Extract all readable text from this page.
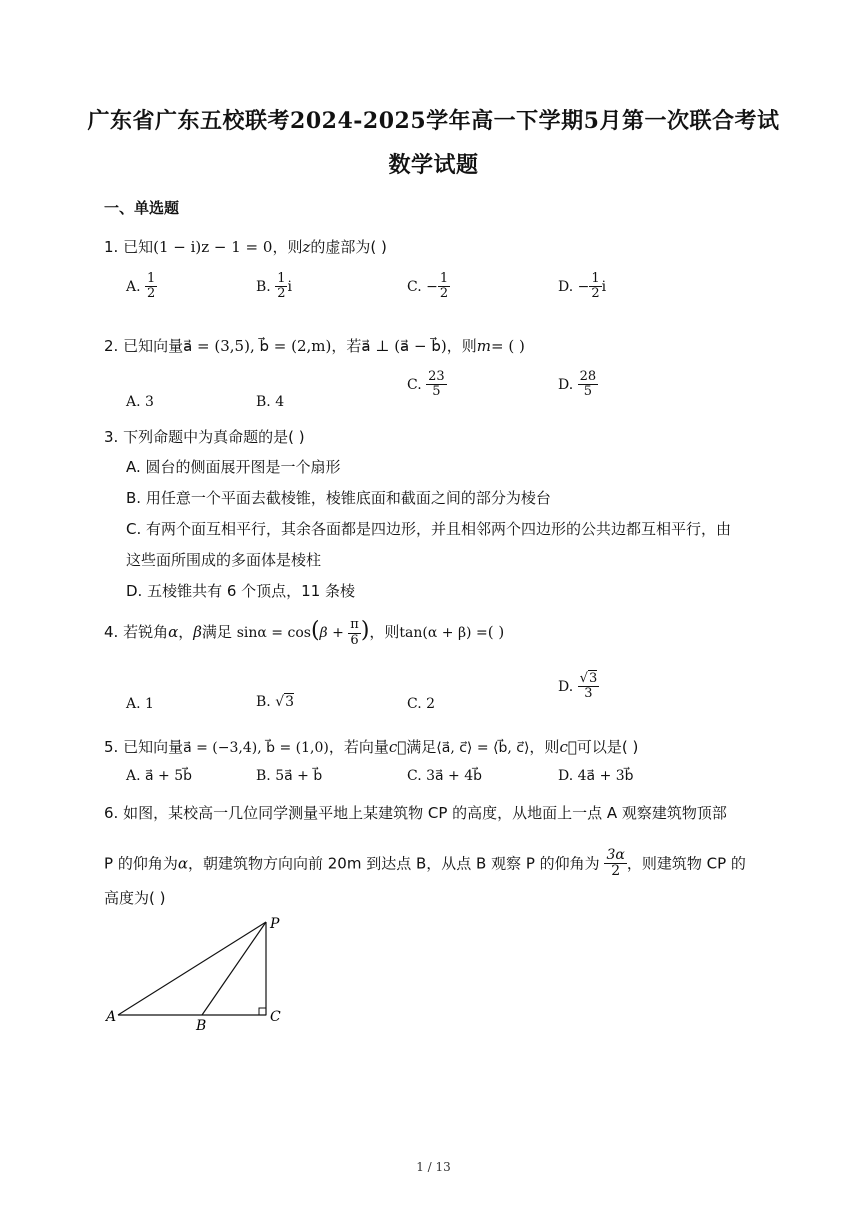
广东省广东五校联考2024-2025学年高一下学期5月第一次联合考试
数学试题
一、单选题
1. 已知(1 − i)z − 1 = 0，则z的虚部为( )
A. $\frac{1}{2}$	B. $\frac{1}{2}$ i	C. − $\frac{1}{2}$	D. − $\frac{1}{2}$ i
2. 已知向量a⃗ = (3,5), b⃗ = (2,m)，若a⃗ ⊥ (a⃗ − b⃗)，则m= ( )
A. 3	B. 4
C. $\frac{23}{5}$	D. $\frac{28}{5}$
3. 下列命题中为真命题的是( )
A. 圆台的侧面展开图是一个扇形
B. 用任意一个平面去截棱锥，棱锥底面和截面之间的部分为棱台
C. 有两个面互相平行，其余各面都是四边形，并且相邻两个四边形的公共边都互相平行，由
这些面所围成的多面体是棱柱
D. 五棱锥共有 6 个顶点，11 条棱
4. 若锐角α，β满足 $\sin\alpha = \cos(\beta + \frac{\pi}{6}$ )，则tan(α + β) =( )
A. 1	B. √3	C. 2
D. $\frac{√3}{3}$
5. 已知向量a⃗ = (−3,4), b⃗ = (1,0)，若向量c⃗满足⟨a⃗, c⃗⟩ = ⟨b⃗, c⃗⟩，则c⃗可以是( )
A. a⃗ + 5b⃗	B. 5a⃗ + b⃗	C. 3a⃗ + 4b⃗	D. 4a⃗ + 3b⃗
6. 如图，某校高一几位同学测量平地上某建筑物 CP 的高度，从地面上一点 A 观察建筑物顶部
P 的仰角为α，朝建筑物方向向前 20m 到达点 B，从点 B 观察 P 的仰角为 $\frac{3\alpha}{2}$ ，则建筑物 CP 的
高度为( )
A
B
C
P
1 / 13
